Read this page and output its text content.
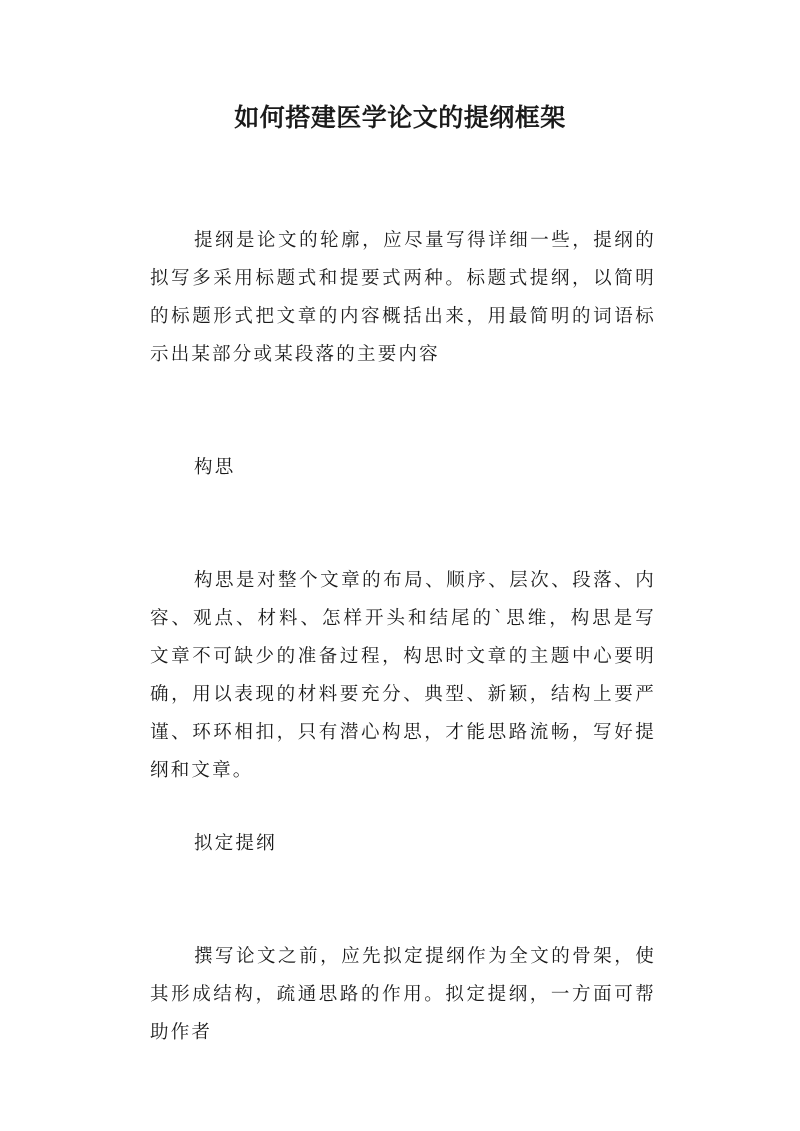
如何搭建医学论文的提纲框架

提纲是论文的轮廓，应尽量写得详细一些，提纲的拟写多采用标题式和提要式两种。标题式提纲，以简明的标题形式把文章的内容概括出来，用最简明的词语标示出某部分或某段落的主要内容

构思

构思是对整个文章的布局、顺序、层次、段落、内容、观点、材料、怎样开头和结尾的`思维，构思是写文章不可缺少的准备过程，构思时文章的主题中心要明确，用以表现的材料要充分、典型、新颖，结构上要严谨、环环相扣，只有潜心构思，才能思路流畅，写好提纲和文章。

拟定提纲

撰写论文之前，应先拟定提纲作为全文的骨架，使其形成结构，疏通思路的作用。拟定提纲，一方面可帮助作者
